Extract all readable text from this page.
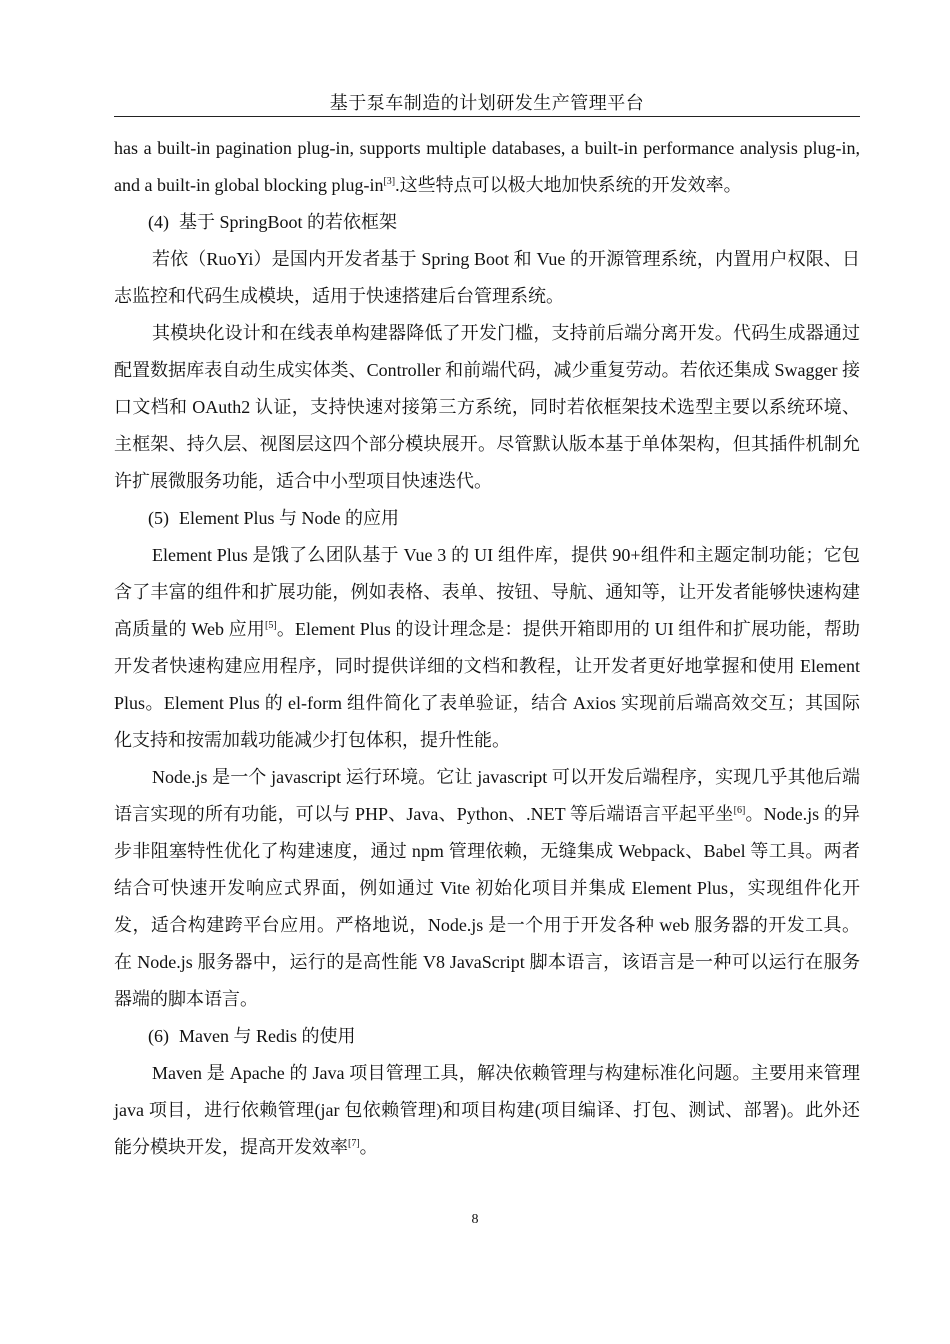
基于泵车制造的计划研发生产管理平台

has a built-in pagination plug-in, supports multiple databases, a built-in performance analysis plug-in, and a built-in global blocking plug-in[3].这些特点可以极大地加快系统的开发效率。

(4) 基于 SpringBoot 的若依框架

若依（RuoYi）是国内开发者基于 Spring Boot 和 Vue 的开源管理系统，内置用户权限、日志监控和代码生成模块，适用于快速搭建后台管理系统。

其模块化设计和在线表单构建器降低了开发门槛，支持前后端分离开发。代码生成器通过配置数据库表自动生成实体类、Controller 和前端代码，减少重复劳动。若依还集成 Swagger 接口文档和 OAuth2 认证，支持快速对接第三方系统，同时若依框架技术选型主要以系统环境、主框架、持久层、视图层这四个部分模块展开。尽管默认版本基于单体架构，但其插件机制允许扩展微服务功能，适合中小型项目快速迭代。

(5) Element Plus 与 Node 的应用

Element Plus 是饿了么团队基于 Vue 3 的 UI 组件库，提供 90+组件和主题定制功能；它包含了丰富的组件和扩展功能，例如表格、表单、按钮、导航、通知等，让开发者能够快速构建高质量的 Web 应用[5]。Element Plus 的设计理念是：提供开箱即用的 UI 组件和扩展功能，帮助开发者快速构建应用程序，同时提供详细的文档和教程，让开发者更好地掌握和使用 Element Plus。Element Plus 的 el-form 组件简化了表单验证，结合 Axios 实现前后端高效交互；其国际化支持和按需加载功能减少打包体积，提升性能。

Node.js 是一个 javascript 运行环境。它让 javascript 可以开发后端程序，实现几乎其他后端语言实现的所有功能，可以与 PHP、Java、Python、.NET 等后端语言平起平坐[6]。Node.js 的异步非阻塞特性优化了构建速度，通过 npm 管理依赖，无缝集成 Webpack、Babel 等工具。两者结合可快速开发响应式界面，例如通过 Vite 初始化项目并集成 Element Plus，实现组件化开发，适合构建跨平台应用。严格地说，Node.js 是一个用于开发各种 web 服务器的开发工具。在 Node.js 服务器中，运行的是高性能 V8 JavaScript 脚本语言，该语言是一种可以运行在服务器端的脚本语言。

(6) Maven 与 Redis 的使用

Maven 是 Apache 的 Java 项目管理工具，解决依赖管理与构建标准化问题。主要用来管理 java 项目，进行依赖管理(jar 包依赖管理)和项目构建(项目编译、打包、测试、部署)。此外还能分模块开发，提高开发效率[7]。

8
